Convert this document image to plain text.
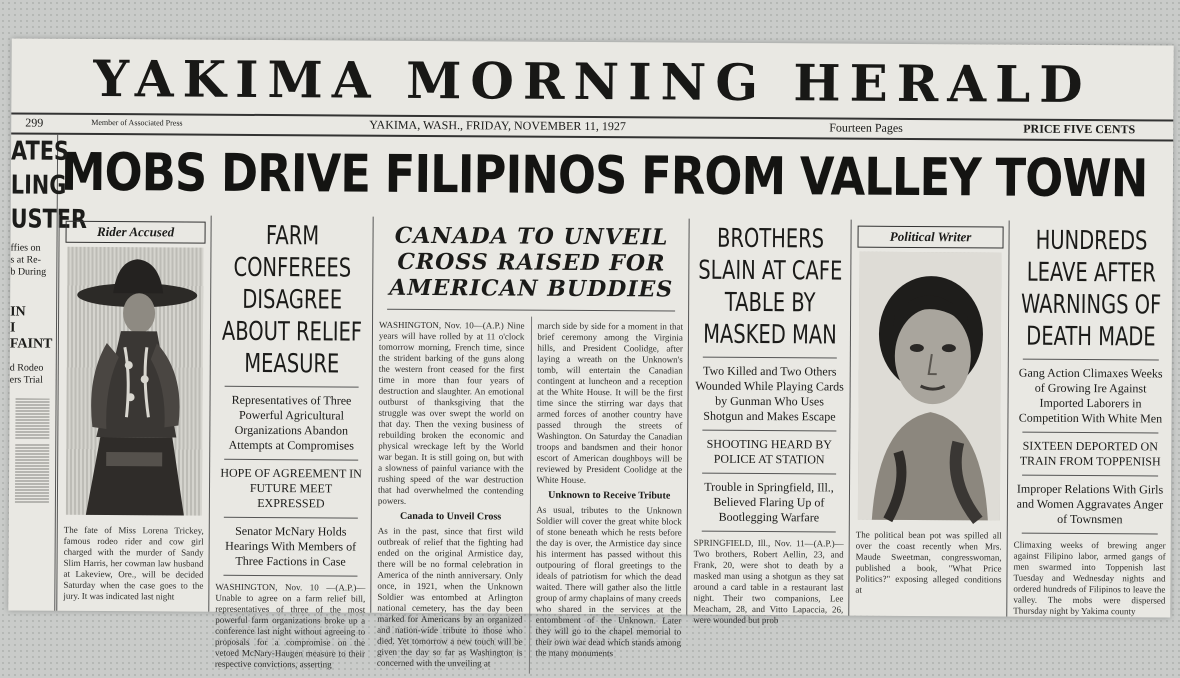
YAKIMA MORNING HERALD
299	Member of Associated Press	YAKIMA, WASH., FRIDAY, NOVEMBER 11, 1927	Fourteen Pages	PRICE FIVE CENTS
MOBS DRIVE FILIPINOS FROM VALLEY TOWN
ATES
LING
USTER
ffies on
s at Re-
b During
IN
I FAINT
d Rodeo
ers Trial
Rider Accused
The fate of Miss Lorena Trickey, famous rodeo rider and cow girl charged with the murder of Sandy Slim Harris, her cowman law husband at Lakeview, Ore., will be decided Saturday when the case goes to the jury. It was indicated last night
FARM CONFEREES DISAGREE ABOUT RELIEF MEASURE
Representatives of Three Powerful Agricultural Organizations Abandon Attempts at Compromises
HOPE OF AGREEMENT IN FUTURE MEET EXPRESSED
Senator McNary Holds Hearings With Members of Three Factions in Case
WASHINGTON, Nov. 10 —(A.P.)— Unable to agree on a farm relief bill, representatives of three of the most powerful farm organizations broke up a conference last night without agreeing to proposals for a compromise on the vetoed McNary-Haugen measure to their respective convictions, asserting
CANADA TO UNVEIL CROSS RAISED FOR AMERICAN BUDDIES
WASHINGTON, Nov. 10—(A.P.) Nine years will have rolled by at 11 o'clock tomorrow morning, French time, since the strident barking of the guns along the western front ceased for the first time in more than four years of destruction and slaughter. An emotional outburst of thanksgiving that the struggle was over swept the world on that day. Then the vexing business of rebuilding broken the economic and physical wreckage left by the World war began. It is still going on, but with a slowness of painful variance with the rushing speed of the war destruction that had overwhelmed the contending powers.
Canada to Unveil Cross
As in the past, since that first wild outbreak of relief that the fighting had ended on the original Armistice day, there will be no formal celebration in America of the ninth anniversary. Only once, in 1921, when the Unknown Soldier was entombed at Arlington national cemetery, has the day been marked for Americans by an organized and nation-wide tribute to those who died. Yet tomorrow a new touch will be given the day so far as Washington is concerned with the unveiling at
march side by side for a moment in that brief ceremony among the Virginia hills, and President Coolidge, after laying a wreath on the Unknown's tomb, will entertain the Canadian contingent at luncheon and a reception at the White House. It will be the first time since the stirring war days that armed forces of another country have passed through the streets of Washington. On Saturday the Canadian troops and bandsmen and their honor escort of American doughboys will be reviewed by President Coolidge at the White House.
Unknown to Receive Tribute
As usual, tributes to the Unknown Soldier will cover the great white block of stone beneath which he rests before the day is over, the Armistice day since his interment has passed without this outpouring of floral greetings to the ideals of patriotism for which the dead waited. There will gather also the little group of army chaplains of many creeds who shared in the services at the entombment of the Unknown. Later they will go to the chapel memorial to their own war dead which stands among the many monuments
BROTHERS SLAIN AT CAFE TABLE BY MASKED MAN
Two Killed and Two Others Wounded While Playing Cards by Gunman Who Uses Shotgun and Makes Escape
SHOOTING HEARD BY POLICE AT STATION
Trouble in Springfield, Ill., Believed Flaring Up of Bootlegging Warfare
SPRINGFIELD, Ill., Nov. 11—(A.P.)—Two brothers, Robert Aellin, 23, and Frank, 20, were shot to death by a masked man using a shotgun as they sat around a card table in a restaurant last night. Their two companions, Lee Meacham, 28, and Vitto Lapaccia, 26, were wounded but prob
Political Writer
The political bean pot was spilled all over the coast recently when Mrs. Maude Sweetman, congresswoman, published a book, "What Price Politics?" exposing alleged conditions at
HUNDREDS LEAVE AFTER WARNINGS OF DEATH MADE
Gang Action Climaxes Weeks of Growing Ire Against Imported Laborers in Competition With White Men
SIXTEEN DEPORTED ON TRAIN FROM TOPPENISH
Improper Relations With Girls and Women Aggravates Anger of Townsmen
Climaxing weeks of brewing anger against Filipino labor, armed gangs of men swarmed into Toppenish last Tuesday and Wednesday nights and ordered hundreds of Filipinos to leave the valley. The mobs were dispersed Thursday night by Yakima county
